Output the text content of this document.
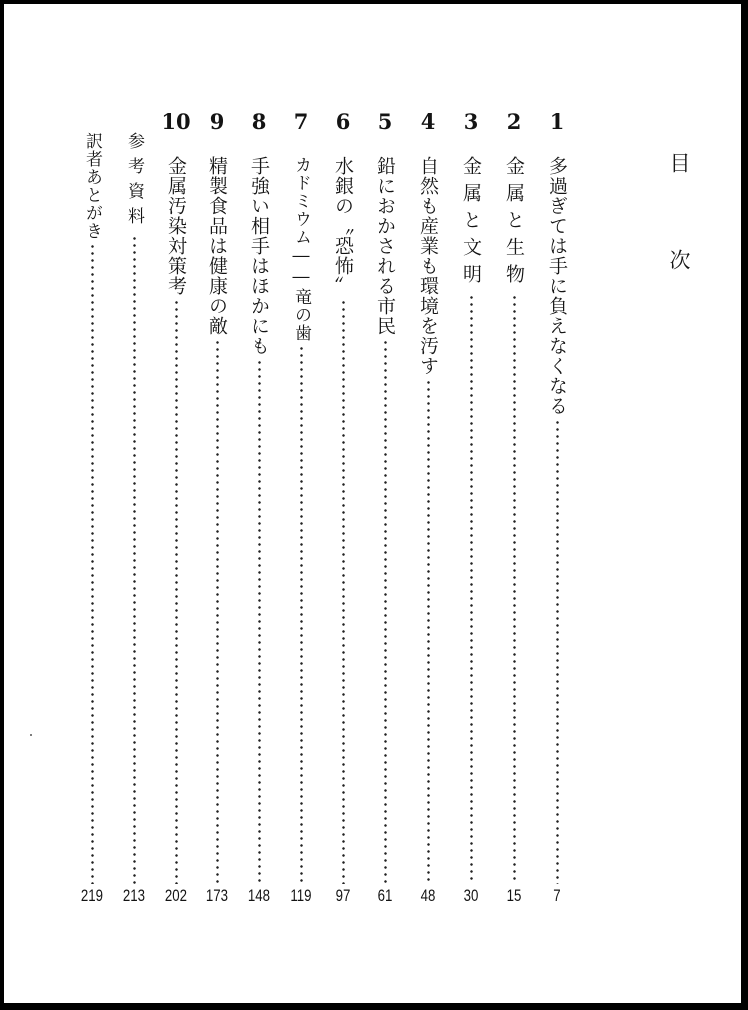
目次
1
多過ぎては手に負えなくなる
7
2
金属と生物
15
3
金属と文明
30
4
自然も産業も環境を汚す
48
5
鉛におかされる市民
61
6
水銀の〝恐怖〟
97
7
カドミウム――竜の歯
119
8
手強い相手はほかにも
148
9
精製食品は健康の敵
173
10
金属汚染対策考
202
参考資料
213
訳者あとがき
219
